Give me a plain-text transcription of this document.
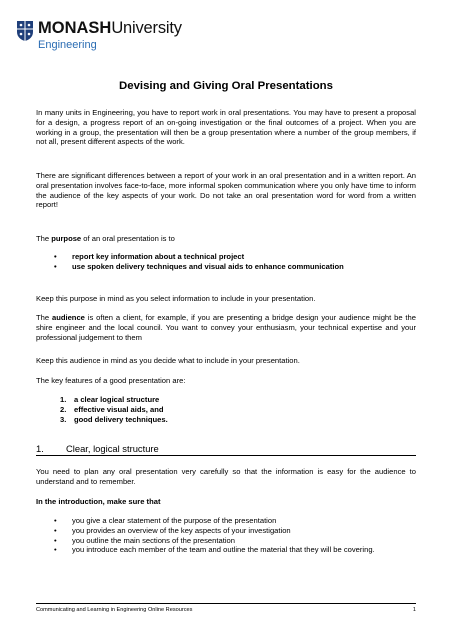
MONASHUniversity
Engineering
Devising and Giving Oral Presentations

In many units in Engineering, you have to report work in oral presentations. You may have to present a proposal for a design, a progress report of an on-going investigation or the final outcomes of a project. When you are working in a group, the presentation will then be a group presentation where a number of the group members, if not all, present different aspects of the work.

There are significant differences between a report of your work in an oral presentation and in a written report. An oral presentation involves face-to-face, more informal spoken communication where you only have time to inform the audience of the key aspects of your work. Do not take an oral presentation word for word from a written report!

The purpose of an oral presentation is to

• report key information about a technical project
• use spoken delivery techniques and visual aids to enhance communication

Keep this purpose in mind as you select information to include in your presentation.

The audience is often a client, for example, if you are presenting a bridge design your audience might be the shire engineer and the local council. You want to convey your enthusiasm, your technical expertise and your professional judgement to them

Keep this audience in mind as you decide what to include in your presentation.

The key features of a good presentation are:

1. a clear logical structure
2. effective visual aids, and
3. good delivery techniques.
1. Clear, logical structure

You need to plan any oral presentation very carefully so that the information is easy for the audience to understand and to remember.

In the introduction, make sure that

• you give a clear statement of the purpose of the presentation
• you provides an overview of the key aspects of your investigation
• you outline the main sections of the presentation
• you introduce each member of the team and outline the material that they will be covering.
Communicating and Learning in Engineering Online Resources	1
